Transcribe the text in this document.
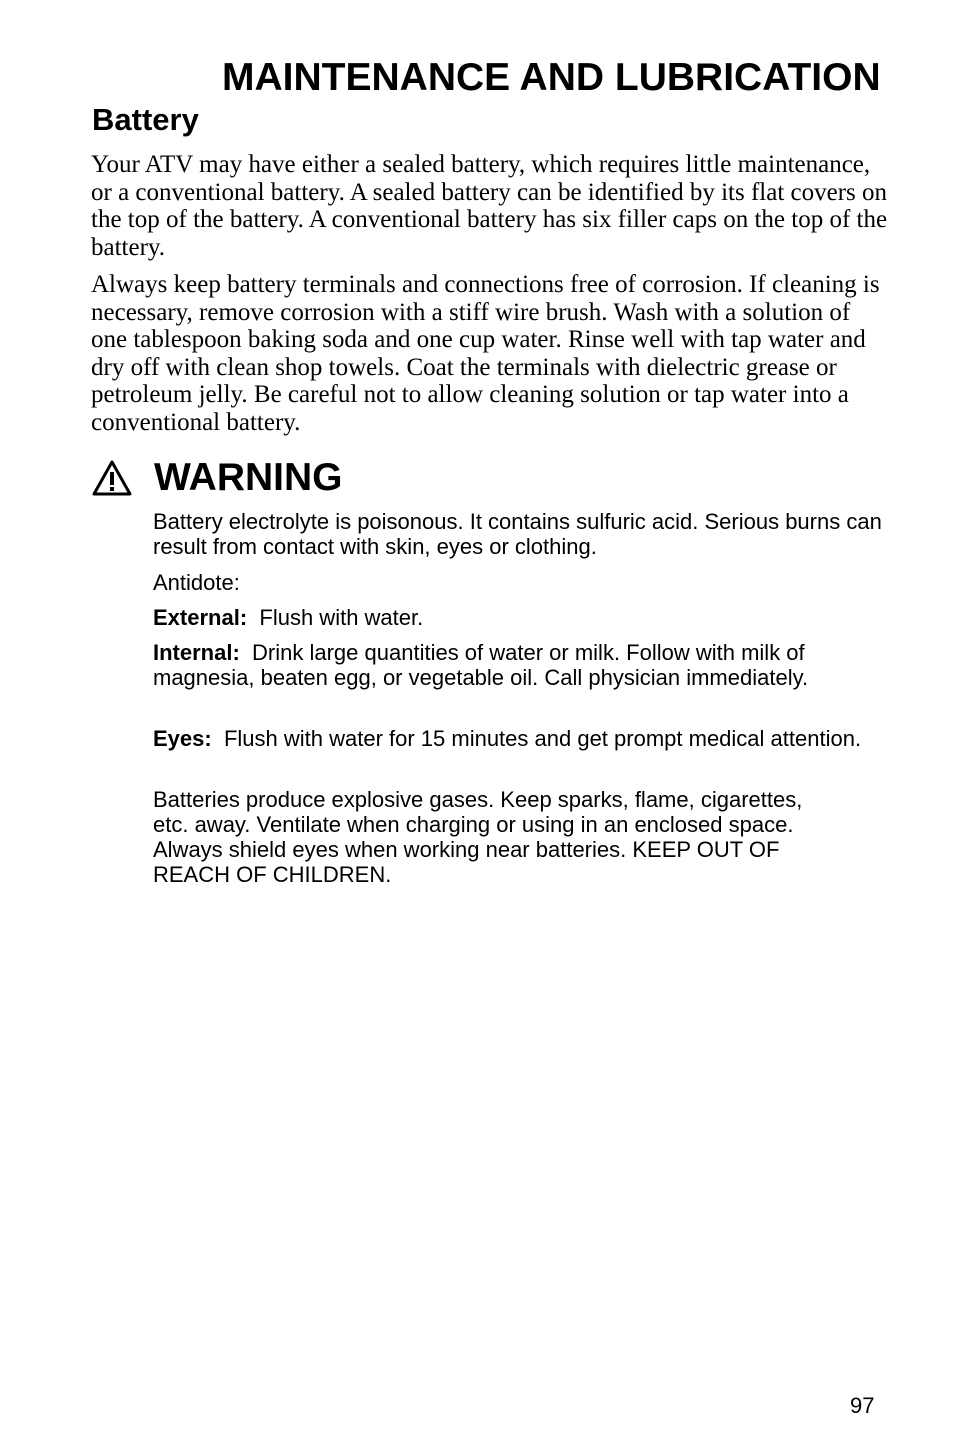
MAINTENANCE AND LUBRICATION
Battery

Your ATV may have either a sealed battery, which requires little maintenance, or a conventional battery. A sealed battery can be identified by its flat covers on the top of the battery. A conventional battery has six filler caps on the top of the battery.

Always keep battery terminals and connections free of corrosion. If cleaning is necessary, remove corrosion with a stiff wire brush. Wash with a solution of one tablespoon baking soda and one cup water. Rinse well with tap water and dry off with clean shop towels. Coat the terminals with dielectric grease or petroleum jelly. Be careful not to allow cleaning solution or tap water into a conventional battery.

WARNING

Battery electrolyte is poisonous. It contains sulfuric acid. Serious burns can result from contact with skin, eyes or clothing.

Antidote:

External: Flush with water.

Internal: Drink large quantities of water or milk. Follow with milk of magnesia, beaten egg, or vegetable oil. Call physician immediately.

Eyes: Flush with water for 15 minutes and get prompt medical attention.

Batteries produce explosive gases. Keep sparks, flame, cigarettes, etc. away. Ventilate when charging or using in an enclosed space. Always shield eyes when working near batteries. KEEP OUT OF REACH OF CHILDREN.

97
